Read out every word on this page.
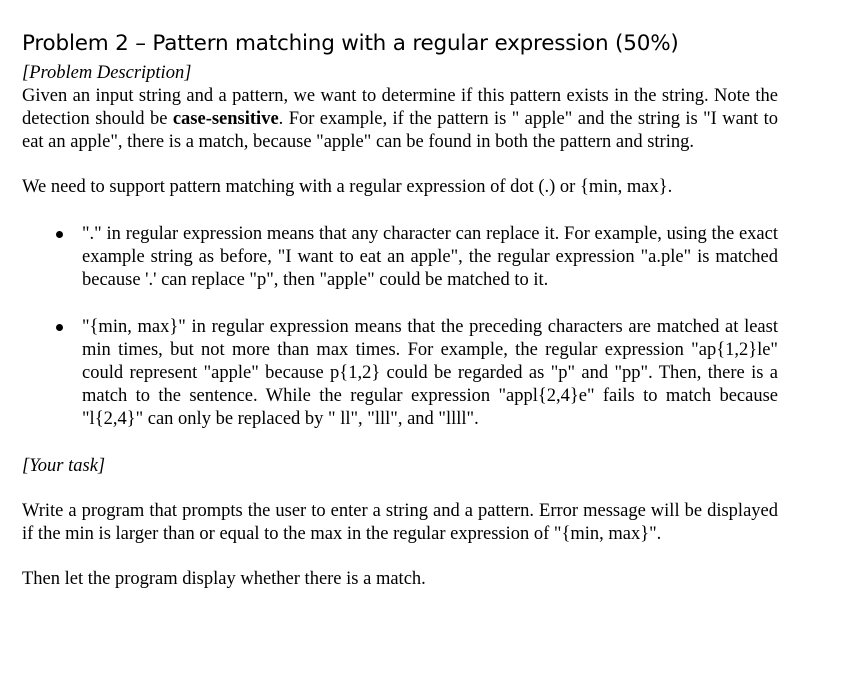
Problem 2 – Pattern matching with a regular expression (50%)

[Problem Description]

Given an input string and a pattern, we want to determine if this pattern exists in the string. Note the detection should be case-sensitive. For example, if the pattern is " apple" and the string is "I want to eat an apple", there is a match, because "apple" can be found in both the pattern and string.

We need to support pattern matching with a regular expression of dot (.) or {min, max}.

"." in regular expression means that any character can replace it. For example, using the exact example string as before, "I want to eat an apple", the regular expression "a.ple" is matched because '.' can replace "p", then "apple" could be matched to it.
"{min, max}" in regular expression means that the preceding characters are matched at least min times, but not more than max times. For example, the regular expression "ap{1,2}le" could represent "apple" because p{1,2} could be regarded as "p" and "pp". Then, there is a match to the sentence. While the regular expression "appl{2,4}e" fails to match because "l{2,4}" can only be replaced by " ll", "lll", and "llll".

[Your task]

Write a program that prompts the user to enter a string and a pattern. Error message will be displayed if the min is larger than or equal to the max in the regular expression of "{min, max}".

Then let the program display whether there is a match.
